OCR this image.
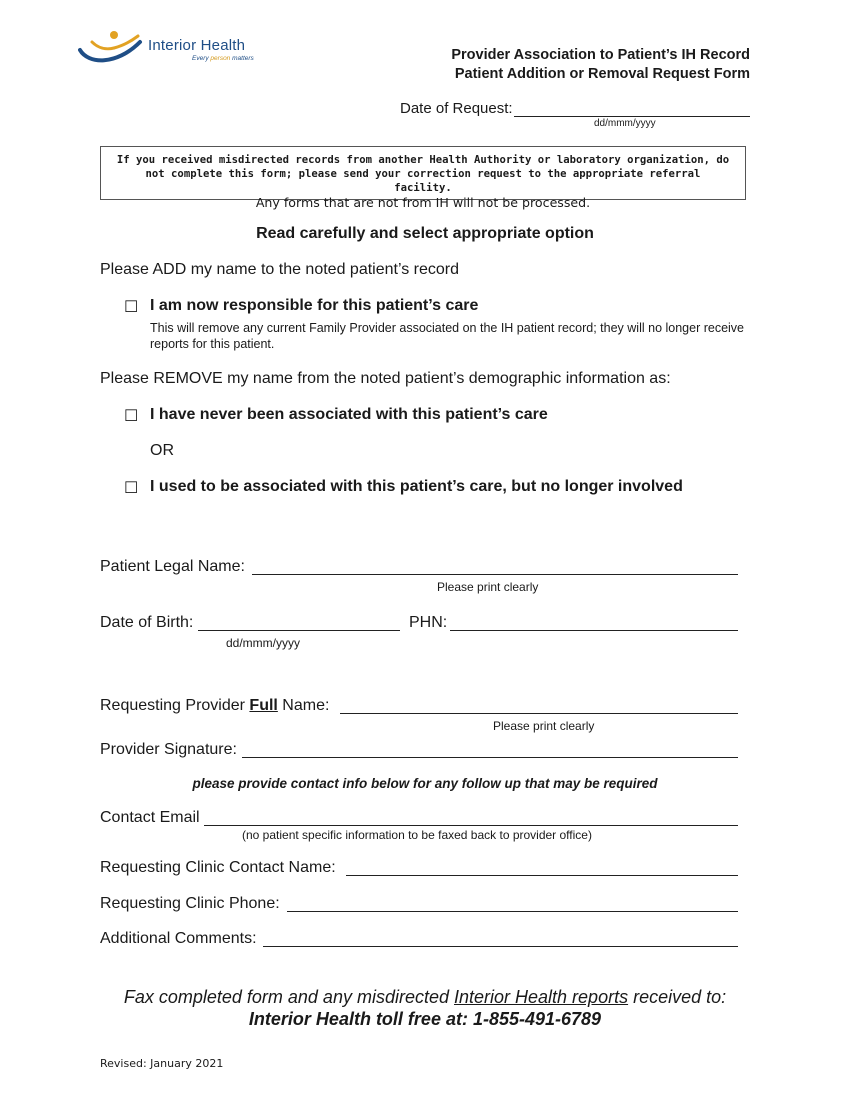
Interior Health
Every person matters	Provider Association to Patient’s IH Record
Patient Addition or Removal Request Form
Date of Request:
dd/mmm/yyyy
If you received misdirected records from another Health Authority or laboratory organization, do not complete this form; please send your correction request to the appropriate referral facility.
Any forms that are not from IH will not be processed.
Read carefully and select appropriate option
Please ADD my name to the noted patient’s record
☐ I am now responsible for this patient’s care
This will remove any current Family Provider associated on the IH patient record; they will no longer receive reports for this patient.
Please REMOVE my name from the noted patient’s demographic information as:
☐ I have never been associated with this patient’s care
OR
☐ I used to be associated with this patient’s care, but no longer involved
Patient Legal Name:
Please print clearly
Date of Birth:
dd/mmm/yyyy
PHN:
Requesting Provider Full Name:
Please print clearly
Provider Signature:
please provide contact info below for any follow up that may be required
Contact Email
(no patient specific information to be faxed back to provider office)
Requesting Clinic Contact Name:
Requesting Clinic Phone:
Additional Comments:
Fax completed form and any misdirected Interior Health reports received to:
Interior Health toll free at: 1-855-491-6789
Revised: January 2021
